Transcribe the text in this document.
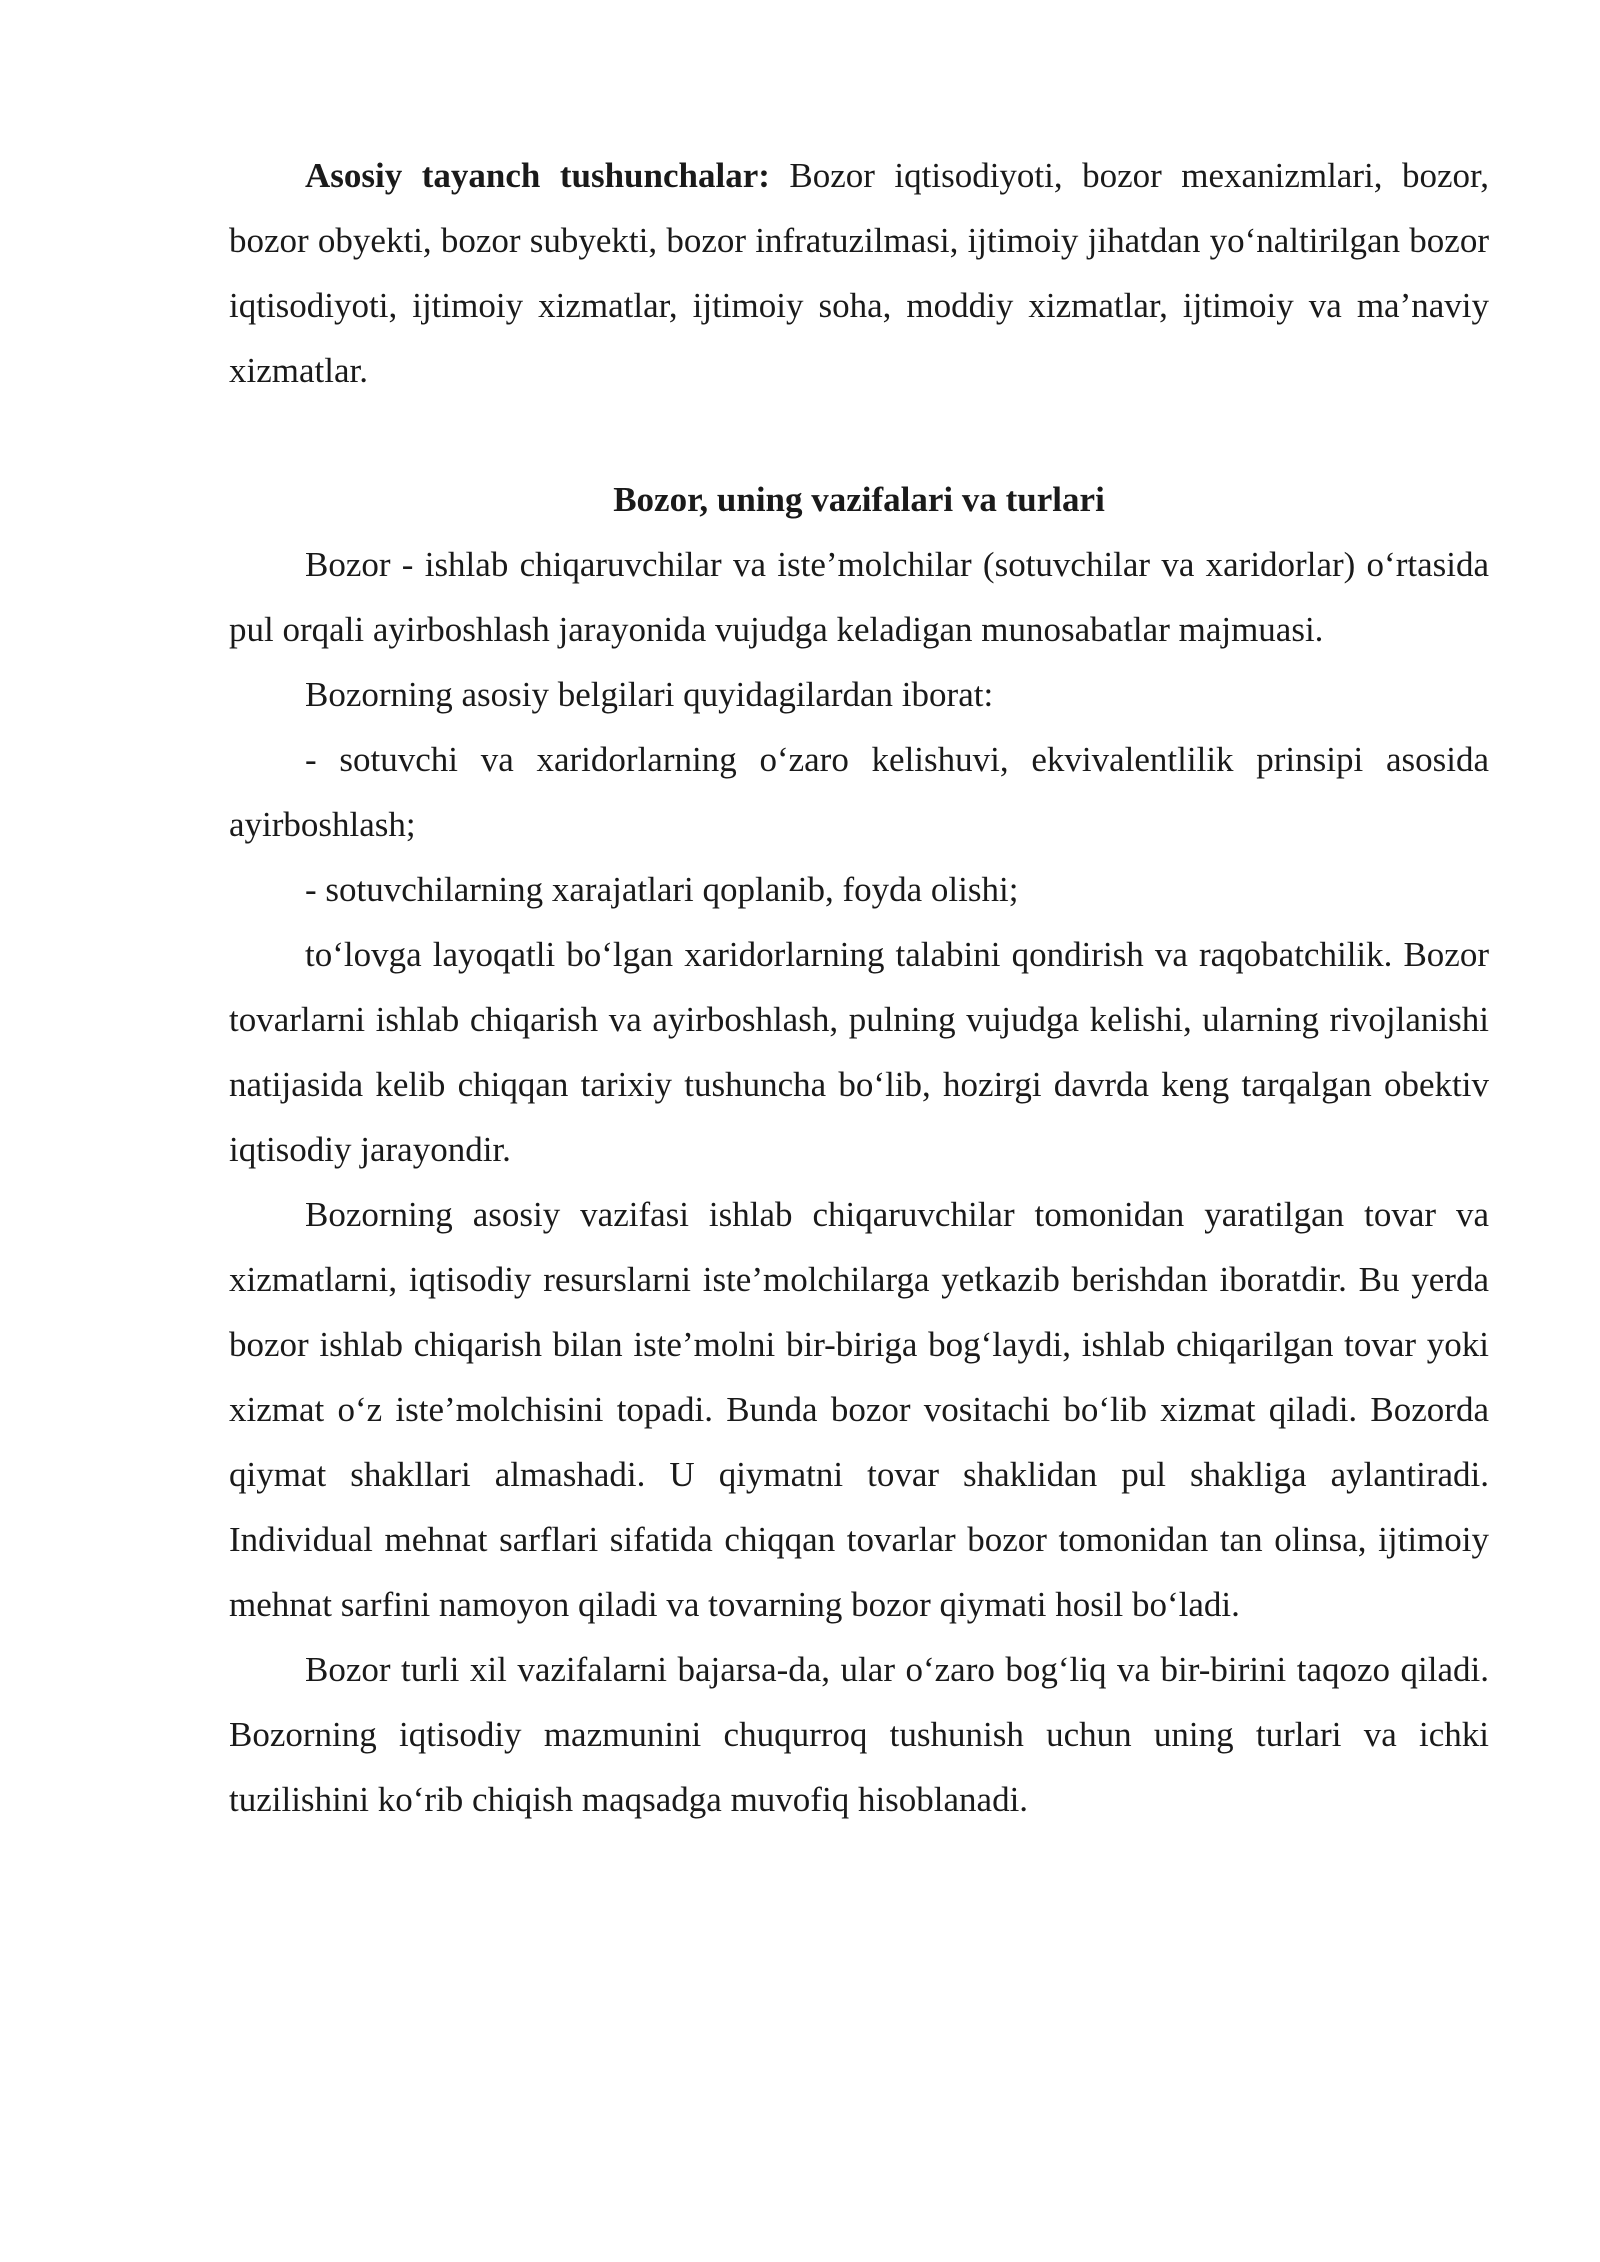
Asosiy tayanch tushunchalar: Bozor iqtisodiyoti, bozor mexanizmlari, bozor, bozor obyekti, bozor subyekti, bozor infratuzilmasi, ijtimoiy jihatdan yo‘naltirilgan bozor iqtisodiyoti, ijtimoiy xizmatlar, ijtimoiy soha, moddiy xizmatlar, ijtimoiy va ma’naviy xizmatlar.

Bozor, uning vazifalari va turlari

Bozor - ishlab chiqaruvchilar va iste’molchilar (sotuvchilar va xaridorlar) o‘rtasida pul orqali ayirboshlash jarayonida vujudga keladigan munosabatlar majmuasi.

Bozorning asosiy belgilari quyidagilardan iborat:

- sotuvchi va xaridorlarning o‘zaro kelishuvi, ekvivalentlilik prinsipi asosida ayirboshlash;

- sotuvchilarning xarajatlari qoplanib, foyda olishi;

to‘lovga layoqatli bo‘lgan xaridorlarning talabini qondirish va raqobatchilik. Bozor tovarlarni ishlab chiqarish va ayirboshlash, pulning vujudga kelishi, ularning rivojlanishi natijasida kelib chiqqan tarixiy tushuncha bo‘lib, hozirgi davrda keng tarqalgan obektiv iqtisodiy jarayondir.

Bozorning asosiy vazifasi ishlab chiqaruvchilar tomonidan yaratilgan tovar va xizmatlarni, iqtisodiy resurslarni iste’molchilarga yetkazib berishdan iboratdir. Bu yerda bozor ishlab chiqarish bilan iste’molni bir-biriga bog‘laydi, ishlab chiqarilgan tovar yoki xizmat o‘z iste’molchisini topadi. Bunda bozor vositachi bo‘lib xizmat qiladi. Bozorda qiymat shakllari almashadi. U qiymatni tovar shaklidan pul shakliga aylantiradi. Individual mehnat sarflari sifatida chiqqan tovarlar bozor tomonidan tan olinsa, ijtimoiy mehnat sarfini namoyon qiladi va tovarning bozor qiymati hosil bo‘ladi.

Bozor turli xil vazifalarni bajarsa-da, ular o‘zaro bog‘liq va bir-birini taqozo qiladi. Bozorning iqtisodiy mazmunini chuqurroq tushunish uchun uning turlari va ichki tuzilishini ko‘rib chiqish maqsadga muvofiq hisoblanadi.
